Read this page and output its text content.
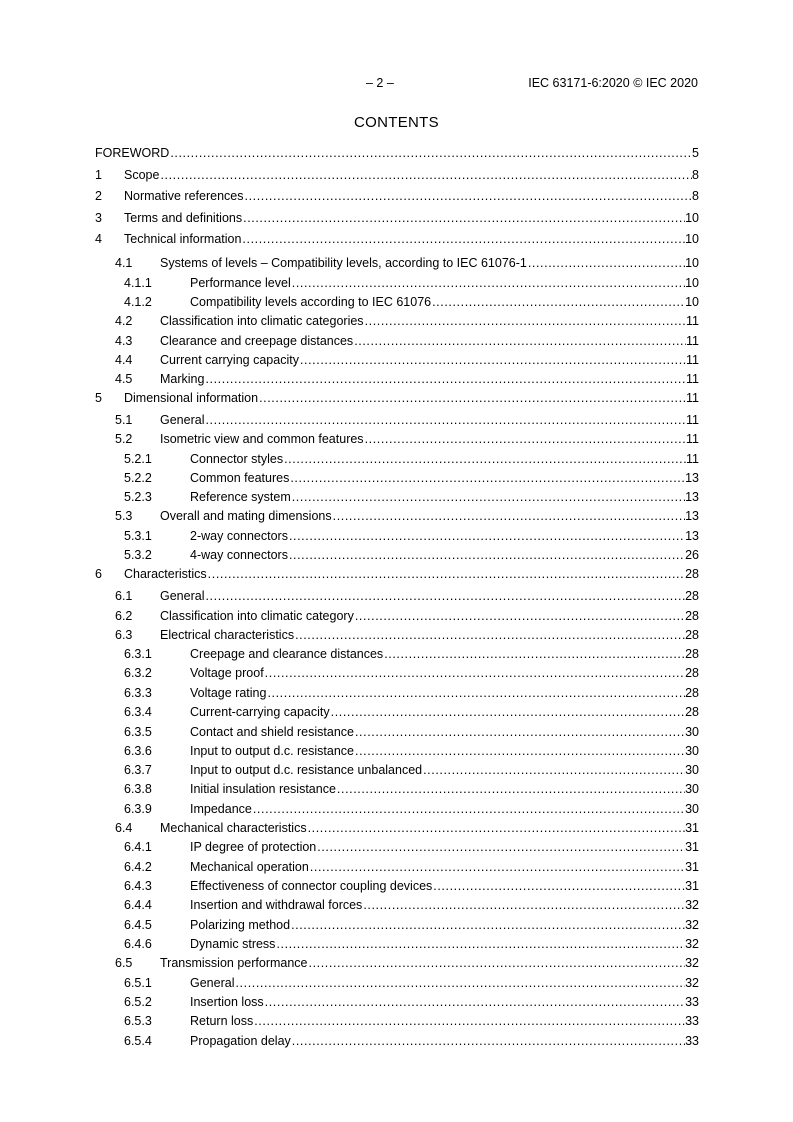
– 2 –	IEC 63171-6:2020 © IEC 2020
CONTENTS
FOREWORD .....	5
1	Scope .....	8
2	Normative references .....	8
3	Terms and definitions .....	10
4	Technical information .....	10
4.1	Systems of levels – Compatibility levels, according to IEC 61076-1 .....	10
4.1.1	Performance level .....	10
4.1.2	Compatibility levels according to IEC 61076 .....	10
4.2	Classification into climatic categories .....	11
4.3	Clearance and creepage distances .....	11
4.4	Current carrying capacity .....	11
4.5	Marking .....	11
5	Dimensional information .....	11
5.1	General .....	11
5.2	Isometric view and common features .....	11
5.2.1	Connector styles .....	11
5.2.2	Common features .....	13
5.2.3	Reference system .....	13
5.3	Overall and mating dimensions .....	13
5.3.1	2-way connectors .....	13
5.3.2	4-way connectors .....	26
6	Characteristics .....	28
6.1	General .....	28
6.2	Classification into climatic category .....	28
6.3	Electrical characteristics .....	28
6.3.1	Creepage and clearance distances .....	28
6.3.2	Voltage proof .....	28
6.3.3	Voltage rating .....	28
6.3.4	Current-carrying capacity .....	28
6.3.5	Contact and shield resistance .....	30
6.3.6	Input to output d.c. resistance .....	30
6.3.7	Input to output d.c. resistance unbalanced .....	30
6.3.8	Initial insulation resistance .....	30
6.3.9	Impedance .....	30
6.4	Mechanical characteristics .....	31
6.4.1	IP degree of protection .....	31
6.4.2	Mechanical operation .....	31
6.4.3	Effectiveness of connector coupling devices .....	31
6.4.4	Insertion and withdrawal forces .....	32
6.4.5	Polarizing method .....	32
6.4.6	Dynamic stress .....	32
6.5	Transmission performance .....	32
6.5.1	General .....	32
6.5.2	Insertion loss .....	33
6.5.3	Return loss .....	33
6.5.4	Propagation delay .....	33
